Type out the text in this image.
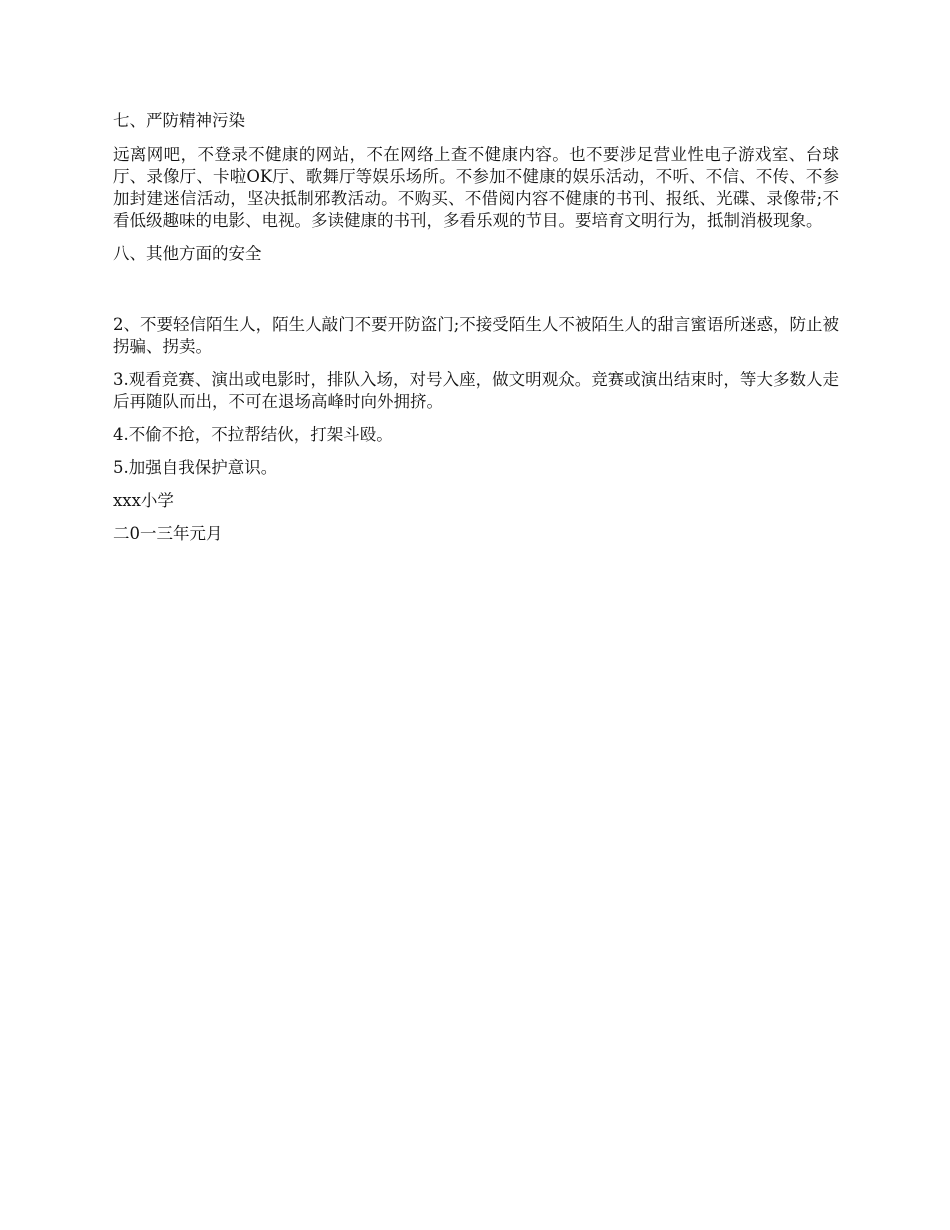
七、严防精神污染

远离网吧，不登录不健康的网站，不在网络上查不健康内容。也不要涉足营业性电子游戏室、台球厅、录像厅、卡啦OK厅、歌舞厅等娱乐场所。不参加不健康的娱乐活动，不听、不信、不传、不参加封建迷信活动，坚决抵制邪教活动。不购买、不借阅内容不健康的书刊、报纸、光碟、录像带;不看低级趣味的电影、电视。多读健康的书刊，多看乐观的节目。要培育文明行为，抵制消极现象。

八、其他方面的安全

2、不要轻信陌生人，陌生人敲门不要开防盗门;不接受陌生人不被陌生人的甜言蜜语所迷惑，防止被拐骗、拐卖。

3.观看竞赛、演出或电影时，排队入场，对号入座，做文明观众。竞赛或演出结束时，等大多数人走后再随队而出，不可在退场高峰时向外拥挤。

4.不偷不抢，不拉帮结伙，打架斗殴。

5.加强自我保护意识。

xxx小学

二0一三年元月
